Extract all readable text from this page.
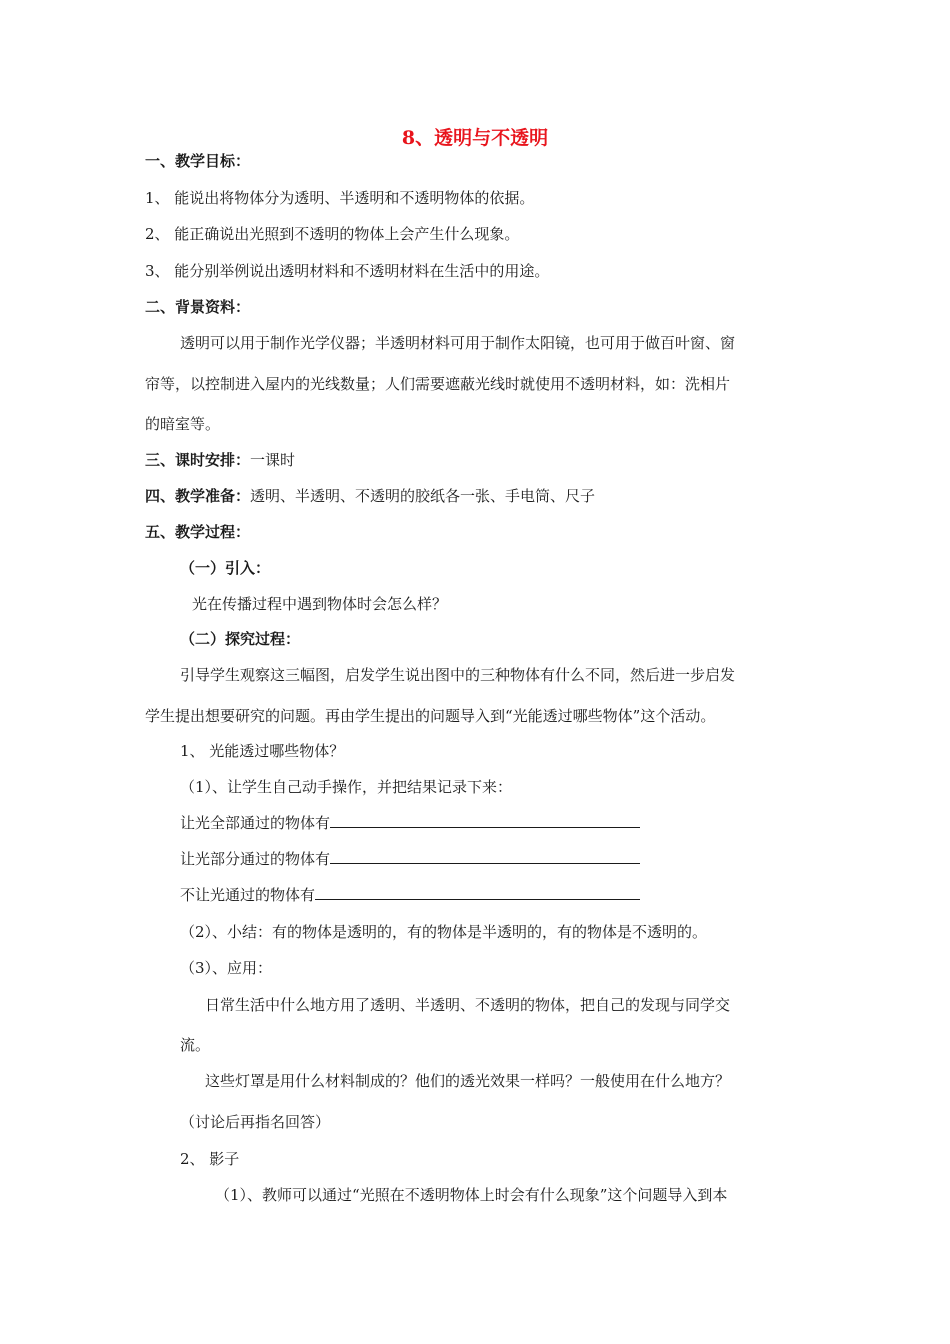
8、透明与不透明
一、教学目标：
1、 能说出将物体分为透明、半透明和不透明物体的依据。
2、 能正确说出光照到不透明的物体上会产生什么现象。
3、 能分别举例说出透明材料和不透明材料在生活中的用途。
二、背景资料：
透明可以用于制作光学仪器；半透明材料可用于制作太阳镜，也可用于做百叶窗、窗
帘等，以控制进入屋内的光线数量；人们需要遮蔽光线时就使用不透明材料，如：洗相片
的暗室等。
三、课时安排：一课时
四、教学准备：透明、半透明、不透明的胶纸各一张、手电筒、尺子
五、教学过程：
（一）引入：
光在传播过程中遇到物体时会怎么样？
（二）探究过程：
引导学生观察这三幅图，启发学生说出图中的三种物体有什么不同，然后进一步启发
学生提出想要研究的问题。再由学生提出的问题导入到“光能透过哪些物体”这个活动。
1、 光能透过哪些物体？
（1）、让学生自己动手操作，并把结果记录下来：
让光全部通过的物体有
让光部分通过的物体有
不让光通过的物体有
（2）、小结：有的物体是透明的，有的物体是半透明的，有的物体是不透明的。
（3）、应用：
日常生活中什么地方用了透明、半透明、不透明的物体，把自己的发现与同学交
流。
这些灯罩是用什么材料制成的？他们的透光效果一样吗？一般使用在什么地方？
（讨论后再指名回答）
2、 影子
（1）、教师可以通过“光照在不透明物体上时会有什么现象”这个问题导入到本
